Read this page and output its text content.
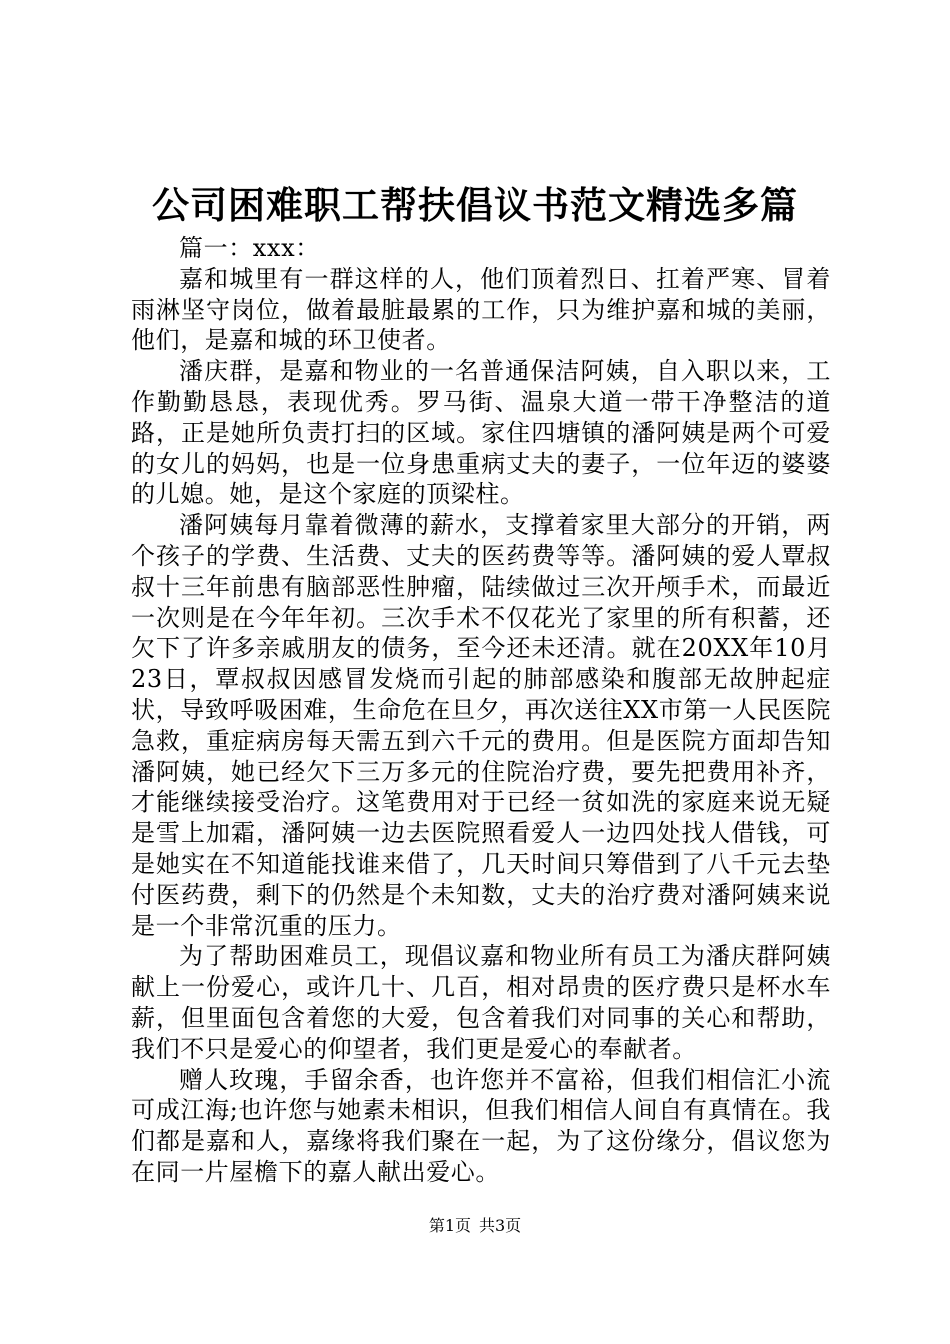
公司困难职工帮扶倡议书范文精选多篇

篇一：xxx：

嘉和城里有一群这样的人，他们顶着烈日、扛着严寒、冒着雨淋坚守岗位，做着最脏最累的工作，只为维护嘉和城的美丽，他们，是嘉和城的环卫使者。

潘庆群，是嘉和物业的一名普通保洁阿姨，自入职以来，工作勤勤恳恳，表现优秀。罗马街、温泉大道一带干净整洁的道路，正是她所负责打扫的区域。家住四塘镇的潘阿姨是两个可爱的女儿的妈妈，也是一位身患重病丈夫的妻子，一位年迈的婆婆的儿媳。她，是这个家庭的顶梁柱。

潘阿姨每月靠着微薄的薪水，支撑着家里大部分的开销，两个孩子的学费、生活费、丈夫的医药费等等。潘阿姨的爱人覃叔叔十三年前患有脑部恶性肿瘤，陆续做过三次开颅手术，而最近一次则是在今年年初。三次手术不仅花光了家里的所有积蓄，还欠下了许多亲戚朋友的债务，至今还未还清。就在20XX年10月23日，覃叔叔因感冒发烧而引起的肺部感染和腹部无故肿起症状，导致呼吸困难，生命危在旦夕，再次送往XX市第一人民医院急救，重症病房每天需五到六千元的费用。但是医院方面却告知潘阿姨，她已经欠下三万多元的住院治疗费，要先把费用补齐，才能继续接受治疗。这笔费用对于已经一贫如洗的家庭来说无疑是雪上加霜，潘阿姨一边去医院照看爱人一边四处找人借钱，可是她实在不知道能找谁来借了，几天时间只筹借到了八千元去垫付医药费，剩下的仍然是个未知数，丈夫的治疗费对潘阿姨来说是一个非常沉重的压力。

为了帮助困难员工，现倡议嘉和物业所有员工为潘庆群阿姨献上一份爱心，或许几十、几百，相对昂贵的医疗费只是杯水车薪，但里面包含着您的大爱，包含着我们对同事的关心和帮助，我们不只是爱心的仰望者，我们更是爱心的奉献者。

赠人玫瑰，手留余香，也许您并不富裕，但我们相信汇小流可成江海;也许您与她素未相识，但我们相信人间自有真情在。我们都是嘉和人，嘉缘将我们聚在一起，为了这份缘分，倡议您为在同一片屋檐下的嘉人献出爱心。

第1页 共3页
